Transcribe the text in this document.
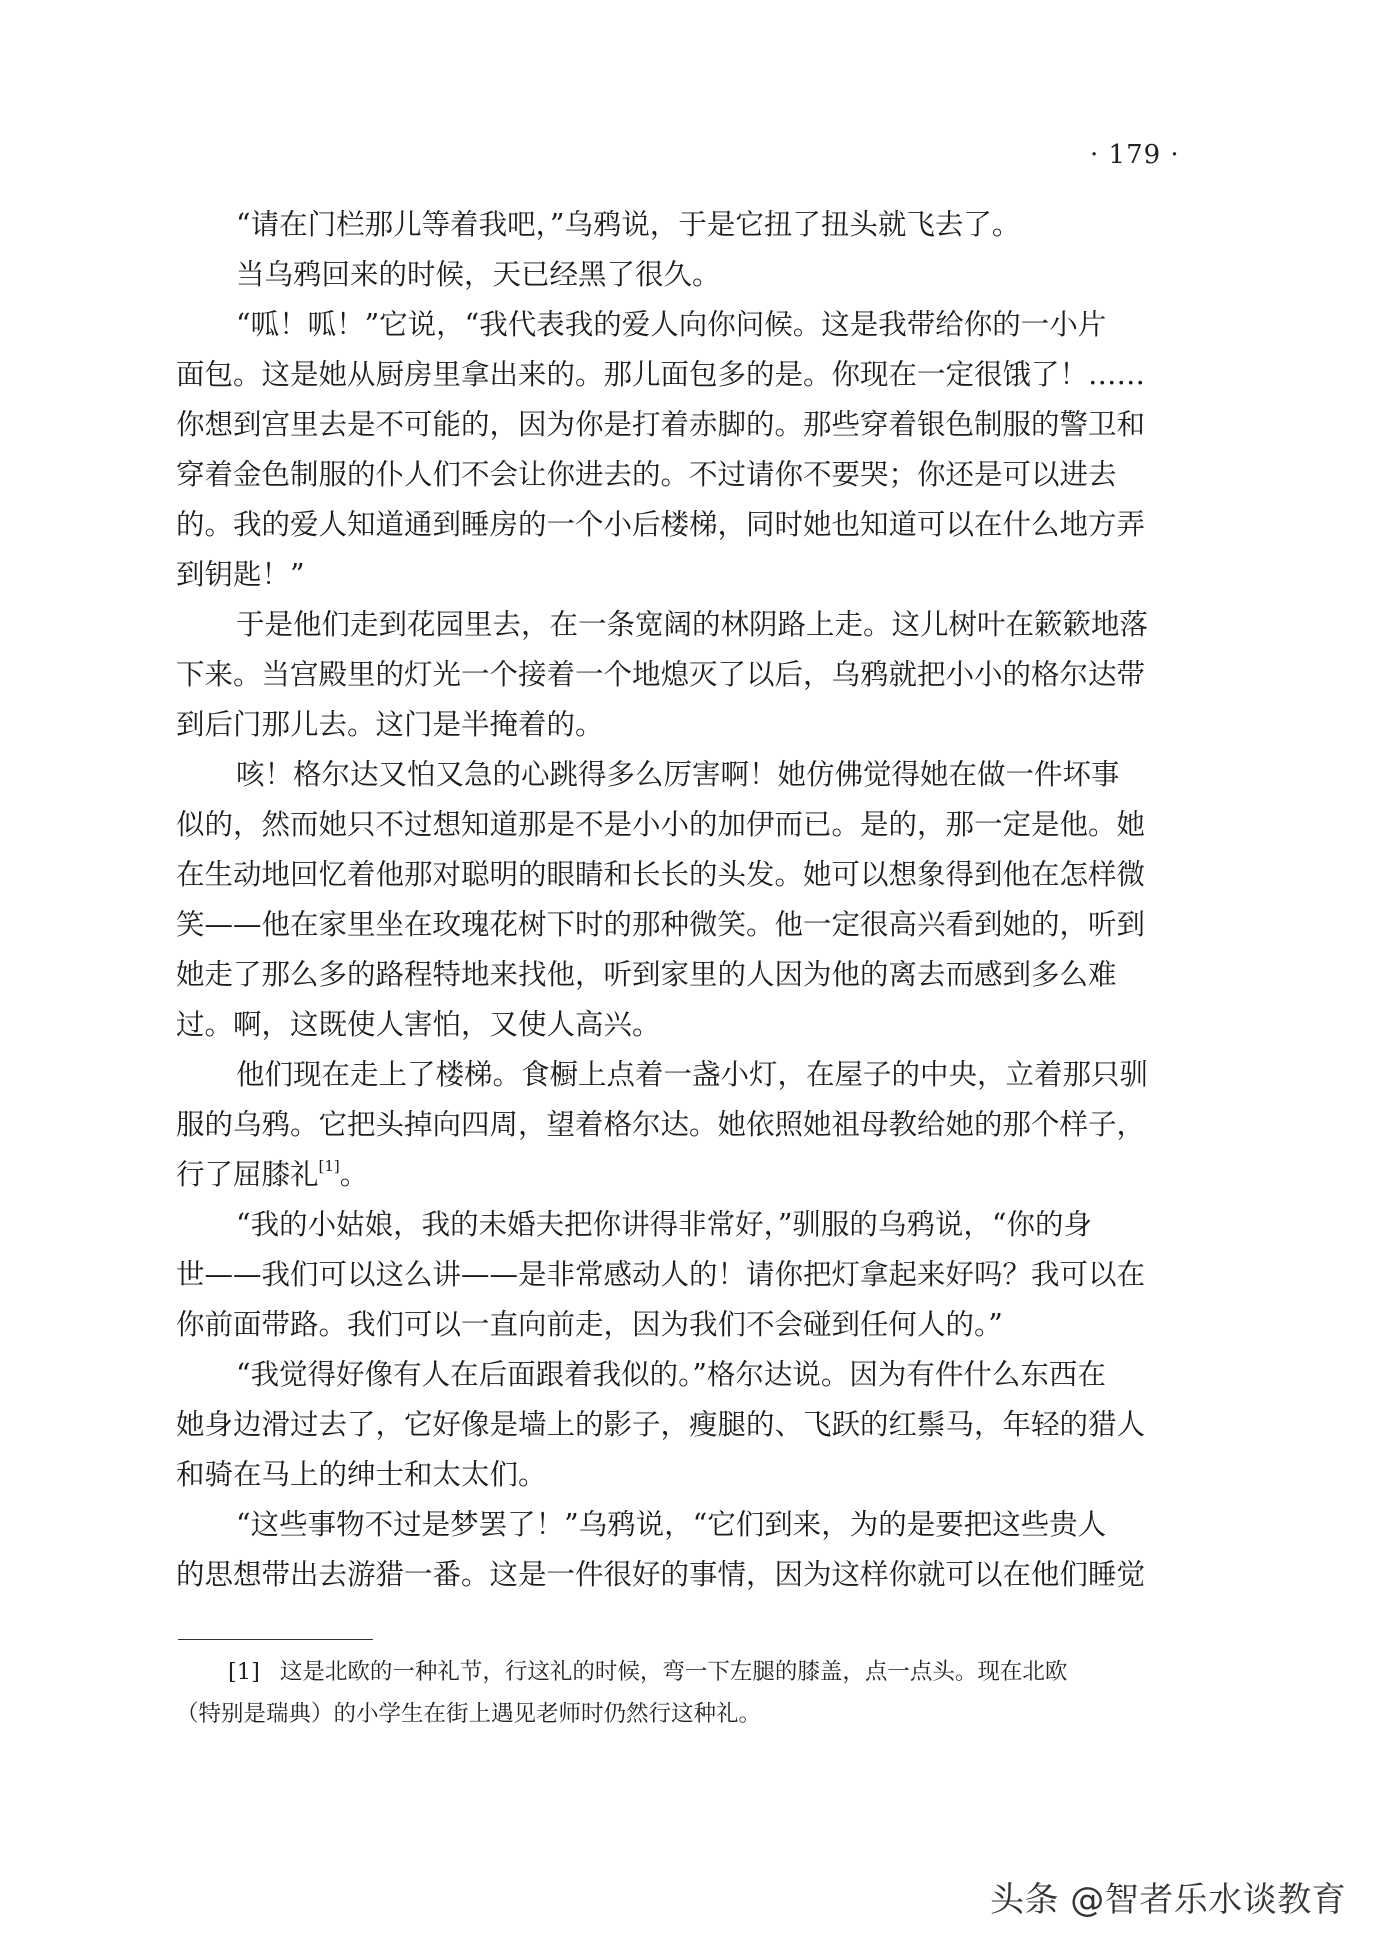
· 179 ·
“请在门栏那儿等着我吧，”乌鸦说，于是它扭了扭头就飞去了。
当乌鸦回来的时候，天已经黑了很久。
“呱！呱！”它说，“我代表我的爱人向你问候。这是我带给你的一小片
面包。这是她从厨房里拿出来的。那儿面包多的是。你现在一定很饿了！……
你想到宫里去是不可能的，因为你是打着赤脚的。那些穿着银色制服的警卫和
穿着金色制服的仆人们不会让你进去的。不过请你不要哭；你还是可以进去
的。我的爱人知道通到睡房的一个小后楼梯，同时她也知道可以在什么地方弄
到钥匙！”
于是他们走到花园里去，在一条宽阔的林阴路上走。这儿树叶在簌簌地落
下来。当宫殿里的灯光一个接着一个地熄灭了以后，乌鸦就把小小的格尔达带
到后门那儿去。这门是半掩着的。
咳！格尔达又怕又急的心跳得多么厉害啊！她仿佛觉得她在做一件坏事
似的，然而她只不过想知道那是不是小小的加伊而已。是的，那一定是他。她
在生动地回忆着他那对聪明的眼睛和长长的头发。她可以想象得到他在怎样微
笑——他在家里坐在玫瑰花树下时的那种微笑。他一定很高兴看到她的，听到
她走了那么多的路程特地来找他，听到家里的人因为他的离去而感到多么难
过。啊，这既使人害怕，又使人高兴。
他们现在走上了楼梯。食橱上点着一盏小灯，在屋子的中央，立着那只驯
服的乌鸦。它把头掉向四周，望着格尔达。她依照她祖母教给她的那个样子，
行了屈膝礼[1]。
“我的小姑娘，我的未婚夫把你讲得非常好，”驯服的乌鸦说，“你的身
世——我们可以这么讲——是非常感动人的！请你把灯拿起来好吗？我可以在
你前面带路。我们可以一直向前走，因为我们不会碰到任何人的。”
“我觉得好像有人在后面跟着我似的。”格尔达说。因为有件什么东西在
她身边滑过去了，它好像是墙上的影子，瘦腿的、飞跃的红鬃马，年轻的猎人
和骑在马上的绅士和太太们。
“这些事物不过是梦罢了！”乌鸦说，“它们到来，为的是要把这些贵人
的思想带出去游猎一番。这是一件很好的事情，因为这样你就可以在他们睡觉
[1] 这是北欧的一种礼节，行这礼的时候，弯一下左腿的膝盖，点一点头。现在北欧
（特别是瑞典）的小学生在街上遇见老师时仍然行这种礼。
头条 @智者乐水谈教育
